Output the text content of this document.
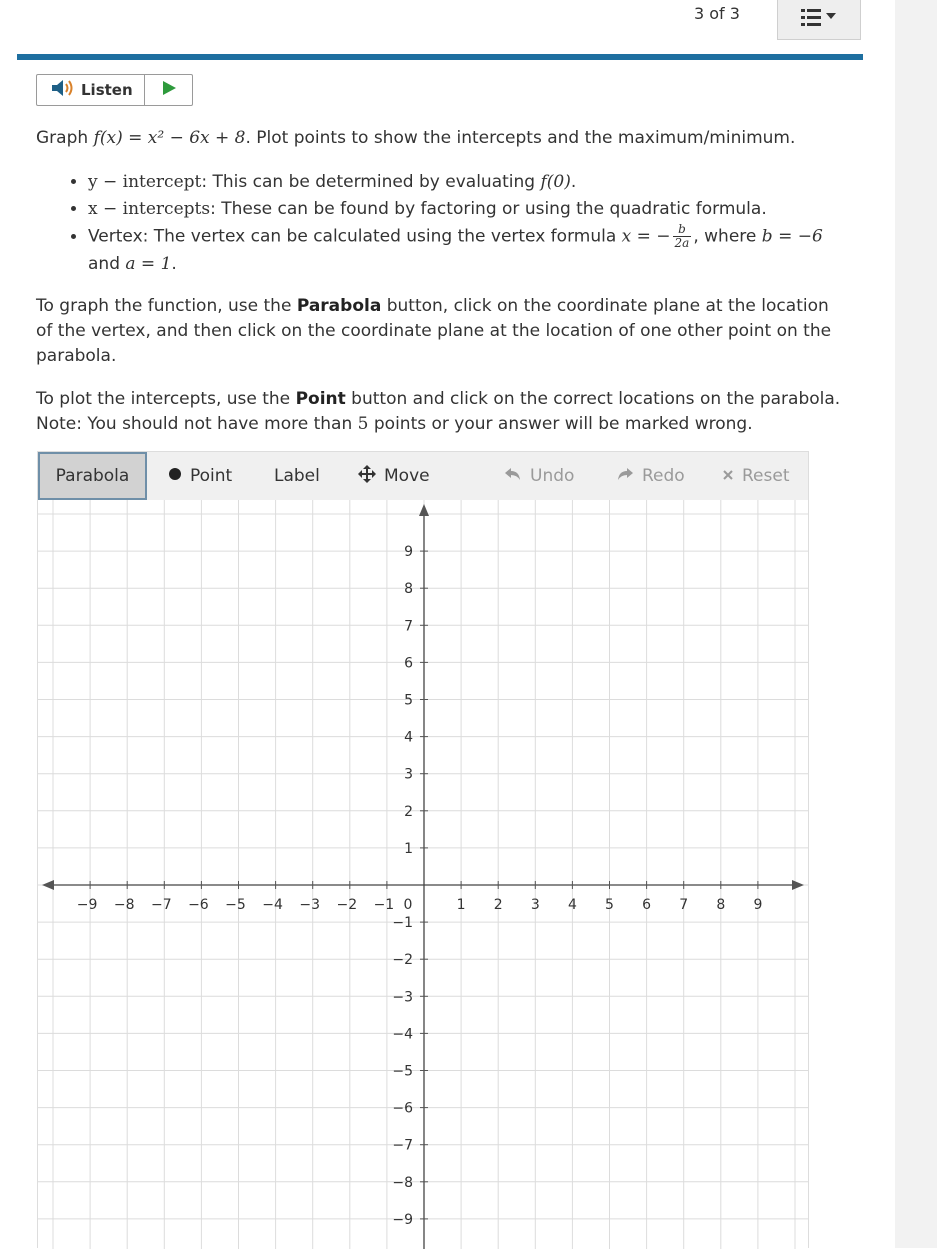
3 of 3
Listen

Graph f(x) = x² − 6x + 8. Plot points to show the intercepts and the maximum/minimum.

• y − intercept: This can be determined by evaluating f(0).
• x − intercepts: These can be found by factoring or using the quadratic formula.
• Vertex: The vertex can be calculated using the vertex formula x = − $\frac{b}{2a}$ , where b = −6
and a = 1.

To graph the function, use the Parabola button, click on the coordinate plane at the location of the vertex, and then click on the coordinate plane at the location of one other point on the parabola.

To plot the intercepts, use the Point button and click on the correct locations on the parabola. Note: You should not have more than 5 points or your answer will be marked wrong.

Parabola	Point Label	Move	Undo	Redo	Reset
−9 −8 −7 −6 −5 −4 −3 −2 −1	1 2 3 4 5 6 7 8 9
0
1
2
3
4
5
6
7
8
9
−1
−2
−3
−4
−5
−6
−7
−8
−9
